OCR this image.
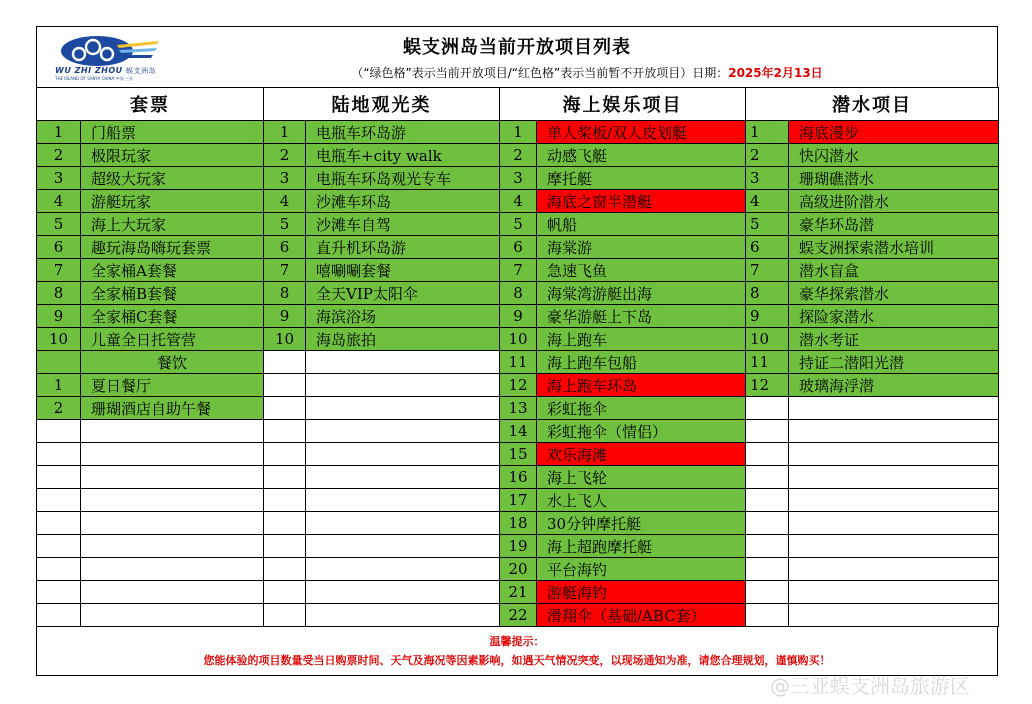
WU ZHI ZHOU 蜈支洲岛
THE ISLAND OF SANYA CHINA 中国·三亚
蜈支洲岛当前开放项目列表
（“绿色格”表示当前开放项目/“红色格”表示当前暂不开放项目）日期：2025年2月13日
套票		陆地观光类		海上娱乐项目		潜水项目	
1	门船票	1	电瓶车环岛游	1	单人桨板/双人皮划艇	1	海底漫步
2	极限玩家	2	电瓶车+city walk	2	动感飞艇	2	快闪潜水
3	超级大玩家	3	电瓶车环岛观光专车	3	摩托艇	3	珊瑚礁潜水
4	游艇玩家	4	沙滩车环岛	4	海底之窗半潜艇	4	高级进阶潜水
5	海上大玩家	5	沙滩车自驾	5	帆船	5	豪华环岛潜
6	趣玩海岛嗨玩套票	6	直升机环岛游	6	海棠游	6	蜈支洲探索潜水培训
7	全家桶A套餐	7	嘻唰唰套餐	7	急速飞鱼	7	潜水盲盒
8	全家桶B套餐	8	全天VIP太阳伞	8	海棠湾游艇出海	8	豪华探索潜水
9	全家桶C套餐	9	海滨浴场	9	豪华游艇上下岛	9	探险家潜水
10	儿童全日托管营	10	海岛旅拍	10	海上跑车	10	潜水考证
	餐饮			11	海上跑车包船	11	持证二潜阳光潜
1	夏日餐厅			12	海上跑车环岛	12	玻璃海浮潜
2	珊瑚酒店自助午餐			13	彩虹拖伞		
				14	彩虹拖伞（情侣）		
				15	欢乐海滩		
				16	海上飞轮		
				17	水上飞人		
				18	30分钟摩托艇		
				19	海上超跑摩托艇		
				20	平台海钓		
				21	游艇海钓		
				22	滑翔伞（基础/ABC套）		
温馨提示：
您能体验的项目数量受当日购票时间、天气及海况等因素影响，如遇天气情况突变，以现场通知为准，请您合理规划，谨慎购买！
@三亚蜈支洲岛旅游区
